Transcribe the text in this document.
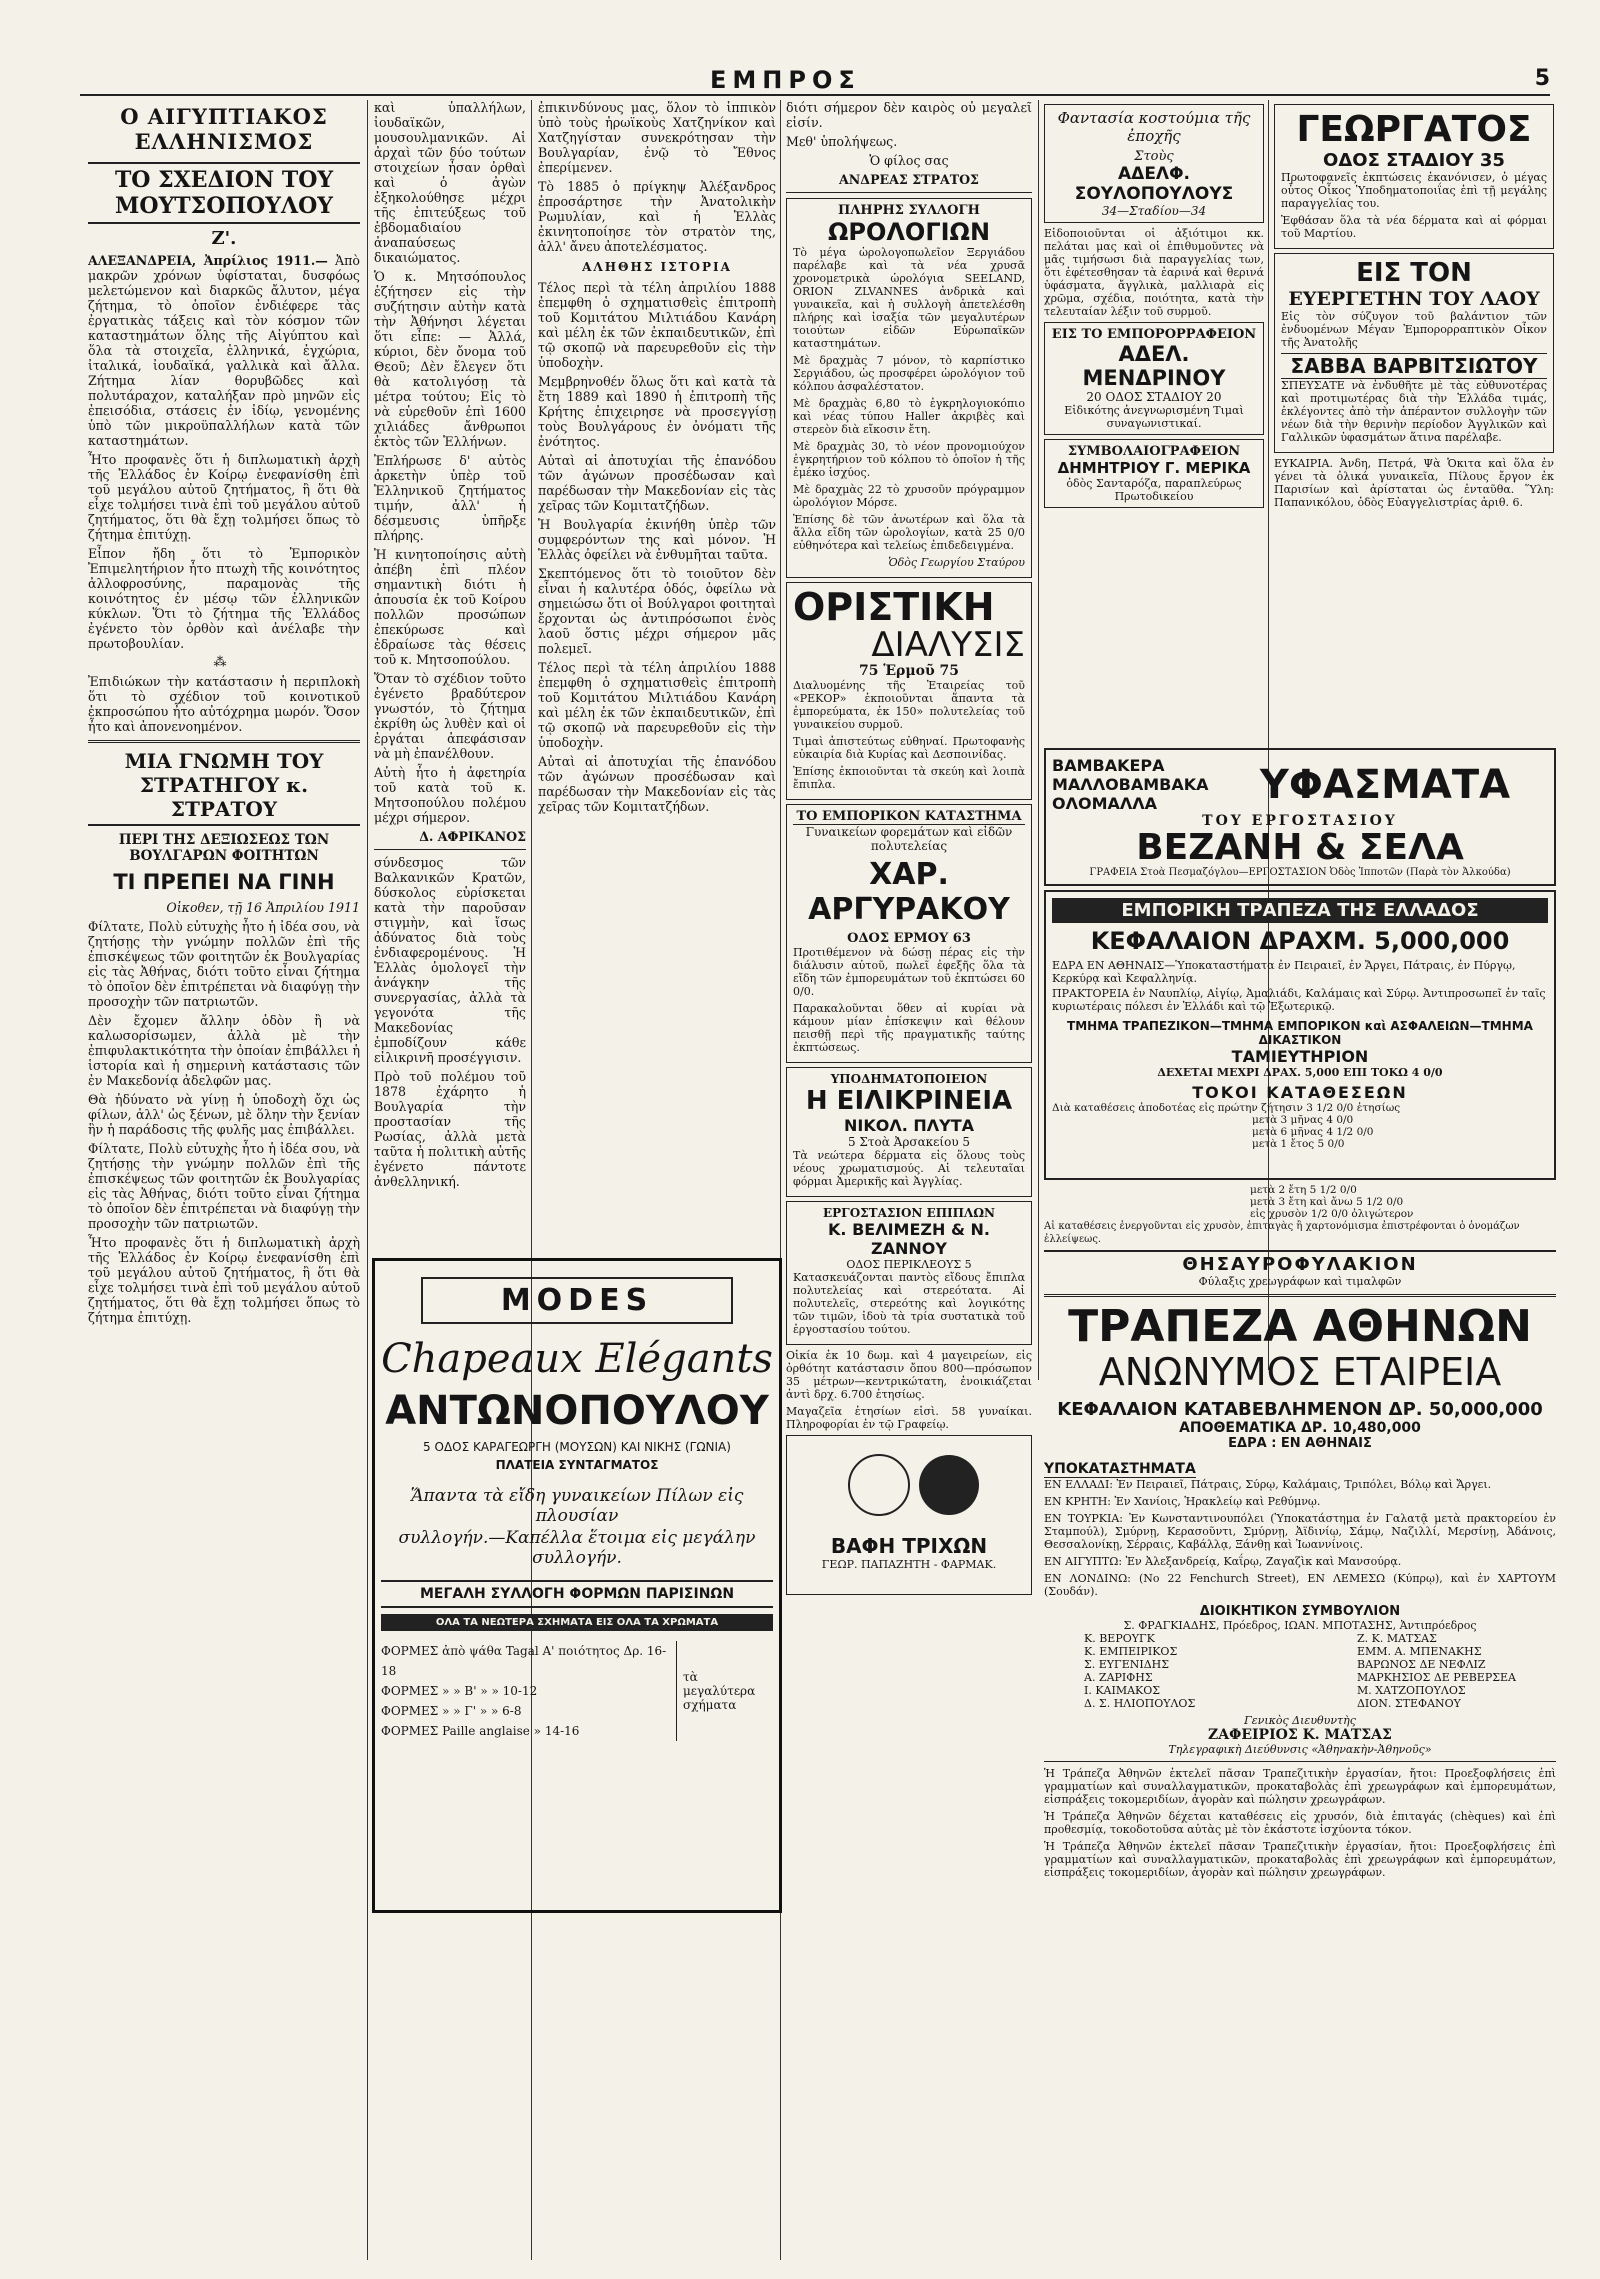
ΕΜΠΡΟΣ	5
Ο ΑΙΓΥΠΤΙΑΚΟΣ ΕΛΛΗΝΙΣΜΟΣ
ΤΟ ΣΧΕΔΙΟΝ ΤΟΥ ΜΟΥΤΣΟΠΟΥΛΟΥ
Ζ'.

ΑΛΕΞΑΝΔΡΕΙΑ, Ἀπρίλιος 1911.— Ἀπὸ μακρῶν χρόνων ὑφίσταται, δυσφόως μελετώμενον καὶ διαρκῶς ἄλυτον, μέγα ζήτημα, τὸ ὁποῖον ἐνδιέφερε τὰς ἐργατικὰς τάξεις καὶ τὸν κόσμον τῶν καταστημάτων ὅλης τῆς Αἰγύπτου καὶ ὅλα τὰ στοιχεῖα, ἑλληνικά, ἐγχώρια, ἰταλικά, ἰουδαϊκά, γαλλικὰ καὶ ἄλλα. Ζήτημα λίαν θορυβῶδες καὶ πολυτάραχον, καταλήξαν πρὸ μηνῶν εἰς ἐπεισόδια, στάσεις ἐν ἰδίῳ, γενομένης ὑπὸ τῶν μικροϋπαλλήλων κατὰ τῶν καταστημάτων.

Ἦτο προφανὲς ὅτι ἡ διπλωματικὴ ἀρχὴ τῆς Ἑλλάδος ἐν Κοίρῳ ἐνεφανίσθη ἐπὶ τοῦ μεγάλου αὐτοῦ ζητήματος, ἢ ὅτι θὰ εἶχε τολμήσει τινὰ ἐπὶ τοῦ μεγάλου αὐτοῦ ζητήματος, ὅτι θὰ ἔχῃ τολμήσει ὅπως τὸ ζήτημα ἐπιτύχῃ.

Εἶπον ἤδη ὅτι τὸ Ἐμπορικὸν Ἐπιμελητήριον ἦτο πτωχὴ τῆς κοινότητος ἀλλοφροσύνης, παραμονὰς τῆς κοινότητος ἐν μέσῳ τῶν ἑλληνικῶν κύκλων. Ὅτι τὸ ζήτημα τῆς Ἑλλάδος ἐγένετο τὸν ὀρθὸν καὶ ἀνέλαβε τὴν πρωτοβουλίαν.

⁂

Ἐπιδιώκων τὴν κατάστασιν ἡ περιπλοκὴ ὅτι τὸ σχέδιον τοῦ κοινοτικοῦ ἐκπροσώπου ἦτο αὐτόχρημα μωρόν. Ὅσον ἦτο καὶ ἀπονενοημένον.

ΜΙΑ ΓΝΩΜΗ ΤΟΥ ΣΤΡΑΤΗΓΟΥ κ. ΣΤΡΑΤΟΥ
ΠΕΡΙ ΤΗΣ ΔΕΞΙΩΣΕΩΣ ΤΩΝ ΒΟΥΛΓΑΡΩΝ ΦΟΙΤΗΤΩΝ
ΤΙ ΠΡΕΠΕΙ ΝΑ ΓΙΝΗ

Οἰκοθεν, τῇ 16 Ἀπριλίου 1911

Φίλτατε, Πολὺ εὐτυχὴς ἦτο ἡ ἰδέα σου, νὰ ζητήσῃς τὴν γνώμην πολλῶν ἐπὶ τῆς ἐπισκέψεως τῶν φοιτητῶν ἐκ Βουλγαρίας εἰς τὰς Ἀθήνας, διότι τοῦτο εἶναι ζήτημα τὸ ὁποῖον δὲν ἐπιτρέπεται νὰ διαφύγῃ τὴν προσοχὴν τῶν πατριωτῶν.

Δὲν ἔχομεν ἄλλην ὁδὸν ἢ νὰ καλωσορίσωμεν, ἀλλὰ μὲ τὴν ἐπιφυλακτικότητα τὴν ὁποίαν ἐπιβάλλει ἡ ἱστορία καὶ ἡ σημερινὴ κατάστασις τῶν ἐν Μακεδονίᾳ ἀδελφῶν μας.

Θὰ ἠδύνατο νὰ γίνῃ ἡ ὑποδοχὴ ὄχι ὡς φίλων, ἀλλ' ὡς ξένων, μὲ ὅλην τὴν ξενίαν ἣν ἡ παράδοσις τῆς φυλῆς μας ἐπιβάλλει.

Φίλτατε, Πολὺ εὐτυχὴς ἦτο ἡ ἰδέα σου, νὰ ζητήσῃς τὴν γνώμην πολλῶν ἐπὶ τῆς ἐπισκέψεως τῶν φοιτητῶν ἐκ Βουλγαρίας εἰς τὰς Ἀθήνας, διότι τοῦτο εἶναι ζήτημα τὸ ὁποῖον δὲν ἐπιτρέπεται νὰ διαφύγῃ τὴν προσοχὴν τῶν πατριωτῶν.

Ἦτο προφανὲς ὅτι ἡ διπλωματικὴ ἀρχὴ τῆς Ἑλλάδος ἐν Κοίρῳ ἐνεφανίσθη ἐπὶ τοῦ μεγάλου αὐτοῦ ζητήματος, ἢ ὅτι θὰ εἶχε τολμήσει τινὰ ἐπὶ τοῦ μεγάλου αὐτοῦ ζητήματος, ὅτι θὰ ἔχῃ τολμήσει ὅπως τὸ ζήτημα ἐπιτύχῃ.

καὶ ὑπαλλήλων, ἰουδαϊκῶν, μουσουλμανικῶν. Αἱ ἀρχαὶ τῶν δύο τούτων στοιχείων ἦσαν ὀρθαὶ καὶ ὁ ἀγὼν ἐξηκολούθησε μέχρι τῆς ἐπιτεύξεως τοῦ ἑβδομαδιαίου ἀναπαύσεως δικαιώματος.

Ὁ κ. Μητσόπουλος ἐζήτησεν εἰς τὴν συζήτησιν αὐτὴν κατὰ τὴν Ἀθήνησι λέγεται ὅτι εἶπε: — Ἀλλά, κύριοι, δὲν ὄνομα τοῦ Θεοῦ; Δὲν ἔλεγεν ὅτι θὰ κατολιγόσῃ τὰ μέτρα τούτου; Εἰς τὸ νὰ εὑρεθοῦν ἐπὶ 1600 χιλιάδες ἄνθρωποι ἐκτὸς τῶν Ἑλλήνων.

Ἐπλήρωσε δ' αὐτὸς ἀρκετὴν ὑπὲρ τοῦ Ἑλληνικοῦ ζητήματος τιμήν, ἀλλ' ἡ δέσμευσις ὑπῆρξε πλήρης.

Ἡ κινητοποίησις αὐτὴ ἀπέβη ἐπὶ πλέον σημαντικὴ διότι ἡ ἀπουσία ἐκ τοῦ Κοίρου πολλῶν προσώπων ἐπεκύρωσε καὶ ἐδραίωσε τὰς θέσεις τοῦ κ. Μητσοπούλου.

Ὅταν τὸ σχέδιον τοῦτο ἐγένετο βραδύτερον γνωστόν, τὸ ζήτημα ἐκρίθη ὡς λυθὲν καὶ οἱ ἐργάται ἀπεφάσισαν νὰ μὴ ἐπανέλθουν.

Αὐτὴ ἦτο ἡ ἀφετηρία τοῦ κατὰ τοῦ κ. Μητσοπούλου πολέμου μέχρι σήμερον.

Δ. ΑΦΡΙΚΑΝΟΣ

σύνδεσμος τῶν Βαλκανικῶν Κρατῶν, δύσκολος εὑρίσκεται κατὰ τὴν παροῦσαν στιγμὴν, καὶ ἴσως ἀδύνατος διὰ τοὺς ἐνδιαφερομένους. Ἡ Ἑλλὰς ὁμολογεῖ τὴν ἀνάγκην τῆς συνεργασίας, ἀλλὰ τὰ γεγονότα τῆς Μακεδονίας ἐμποδίζουν κάθε εἰλικρινῆ προσέγγισιν.

Πρὸ τοῦ πολέμου τοῦ 1878 ἐχάρητο ἡ Βουλγαρία τὴν προστασίαν τῆς Ρωσίας, ἀλλὰ μετὰ ταῦτα ἡ πολιτικὴ αὐτῆς ἐγένετο πάντοτε ἀνθελληνική.

ἐπικινδύνους μας, ὅλον τὸ ἰππικὸν ὑπὸ τοὺς ἡρωϊκοὺς Χατζηνίκον καὶ Χατζηγίσταν συνεκρότησαν τὴν Βουλγαρίαν, ἐνῷ τὸ Ἔθνος ἐπερίμενεν.

Τὸ 1885 ὁ πρίγκηψ Ἀλέξανδρος ἐπροσάρτησε τὴν Ἀνατολικὴν Ρωμυλίαν, καὶ ἡ Ἑλλὰς ἐκινητοποίησε τὸν στρατὸν της, ἀλλ' ἄνευ ἀποτελέσματος.

ΑΛΗΘΗΣ ΙΣΤΟΡΙΑ

Τέλος περὶ τὰ τέλη ἀπριλίου 1888 ἐπεμφθη ὁ σχηματισθεὶς ἐπιτροπὴ τοῦ Κομιτάτου Μιλτιάδου Κανάρη καὶ μέλη ἐκ τῶν ἐκπαιδευτικῶν, ἐπὶ τῷ σκοπῷ νὰ παρευρεθοῦν εἰς τὴν ὑποδοχὴν.

Μεμβρηνοθέν ὅλως ὅτι καὶ κατὰ τὰ ἔτη 1889 καὶ 1890 ἡ ἐπιτροπὴ τῆς Κρήτης ἐπιχειρησε νὰ προσεγγίσῃ τοὺς Βουλγάρους ἐν ὀνόματι τῆς ἑνότητος.

Αὐταὶ αἱ ἀποτυχίαι τῆς ἐπανόδου τῶν ἀγώνων προσέδωσαν καὶ παρέδωσαν τὴν Μακεδονίαν εἰς τὰς χεῖρας τῶν Κομιτατζήδων.

Ἡ Βουλγαρία ἐκινήθη ὑπὲρ τῶν συμφερόντων της καὶ μόνον. Ἡ Ἑλλὰς ὀφείλει νὰ ἐνθυμῆται ταῦτα.

Σκεπτόμενος ὅτι τὸ τοιοῦτον δὲν εἶναι ἡ καλυτέρα ὁδός, ὀφείλω νὰ σημειώσω ὅτι οἱ Βούλγαροι φοιτηταὶ ἔρχονται ὡς ἀντιπρόσωποι ἑνὸς λαοῦ ὅστις μέχρι σήμερον μᾶς πολεμεῖ.

Τέλος περὶ τὰ τέλη ἀπριλίου 1888 ἐπεμφθη ὁ σχηματισθεὶς ἐπιτροπὴ τοῦ Κομιτάτου Μιλτιάδου Κανάρη καὶ μέλη ἐκ τῶν ἐκπαιδευτικῶν, ἐπὶ τῷ σκοπῷ νὰ παρευρεθοῦν εἰς τὴν ὑποδοχὴν.

Αὐταὶ αἱ ἀποτυχίαι τῆς ἐπανόδου τῶν ἀγώνων προσέδωσαν καὶ παρέδωσαν τὴν Μακεδονίαν εἰς τὰς χεῖρας τῶν Κομιτατζήδων.

MODES
Chapeaux Elégants
ΑΝΤΩΝΟΠΟΥΛΟΥ
5 ΟΔΟΣ ΚΑΡΑΓΕΩΡΓΗ (ΜΟΥΣΩΝ) ΚΑΙ ΝΙΚΗΣ (ΓΩΝΙΑ)
ΠΛΑΤΕΙΑ ΣΥΝΤΑΓΜΑΤΟΣ
Ἅπαντα τὰ εἴδη γυναικείων Πίλων εἰς πλουσίαν
συλλογήν.—Καπέλλα ἕτοιμα εἰς μεγάλην συλλογήν.
ΜΕΓΑΛΗ ΣΥΛΛΟΓΗ ΦΟΡΜΩΝ ΠΑΡΙΣΙΝΩΝ
ΟΛΑ ΤΑ ΝΕΩΤΕΡΑ ΣΧΗΜΑΤΑ ΕΙΣ ΟΛΑ ΤΑ ΧΡΩΜΑΤΑ
ΦΟΡΜΕΣ ἀπὸ ψάθα Tagal A' ποιότητος Δρ. 16-18
ΦΟΡΜΕΣ » » B' » » 10-12
ΦΟΡΜΕΣ » » Γ' » » 6-8
ΦΟΡΜΕΣ Paille anglaise » 14-16
τὰ μεγαλύτερα σχήματα

διότι σήμερον δὲν καιρὸς οὐ μεγαλεῖ εἰσίν.

Μεθ' ὑπολήψεως.

Ὁ φίλος σας

ΑΝΔΡΕΑΣ ΣΤΡΑΤΟΣ

ΠΛΗΡΗΣ ΣΥΛΛΟΓΗ
ΩΡΟΛΟΓΙΩΝ

Τὸ μέγα ὡρολογοπωλεῖον Ξεργιάδου παρέλαβε καὶ τὰ νέα χρυσᾶ χρονομετρικὰ ὡρολόγια SEELAND, ORION ZLVANNES ἀνδρικὰ καὶ γυναικεῖα, καὶ ἡ συλλογὴ ἀπετελέσθη πλήρης καὶ ἰσαξία τῶν μεγαλυτέρων τοιούτων εἰδῶν Εὐρωπαϊκῶν καταστημάτων.

Μὲ δραχμὰς 7 μόνον, τὸ καρπίστικο Σεργιάδου, ὡς προσφέρει ὡρολόγιον τοῦ κόλπου ἀσφαλέστατον.

Μὲ δραχμὰς 6,80 τὸ ἐγκρηλογιοκόπιο καὶ νέας τύπου Haller ἀκριβὲς καὶ στερεὸν διὰ εἴκοσιν ἔτη.

Μὲ δραχμὰς 30, τὸ νέον προνομιούχον ἐγκρητήριον τοῦ κόλπου τὸ ὁποῖον ἠ τῆς ἐμέκο ἰσχύος.

Μὲ δραχμὰς 22 τὸ χρυσοῦν πρόγραμμον ὡρολόγιον Μόρσε.

Ἐπίσης δὲ τῶν ἀνωτέρων καὶ ὅλα τὰ ἄλλα εἴδη τῶν ὡρολογίων, κατὰ 25 0/0 εὐθηνότερα καὶ τελείως ἐπιδεδειγμένα.

Ὁδὸς Γεωργίου Σταύρου

ΟΡΙΣΤΙΚΗ
ΔΙΑΛΥΣΙΣ
75 Ἑρμοῦ 75

Διαλυομένης τῆς Ἑταιρείας τοῦ «ΡΕΚΟΡ» ἐκποιοῦνται ἅπαντα τὰ ἐμπορεύματα, ἐκ 150» πολυτελείας τοῦ γυναικείου συρμοῦ.

Τιμαὶ ἀπιστεύτως εὐθηναί. Πρωτοφανὴς εὐκαιρία διὰ Κυρίας καὶ Δεσποινίδας.

Ἐπίσης ἐκποιοῦνται τὰ σκεύη καὶ λοιπὰ ἔπιπλα.

ΤΟ ΕΜΠΟΡΙΚΟΝ ΚΑΤΑΣΤΗΜΑ
Γυναικείων φορεμάτων καὶ εἰδῶν πολυτελείας
ΧΑΡ. ΑΡΓΥΡΑΚΟΥ
ΟΔΟΣ ΕΡΜΟΥ 63

Προτιθέμενον νὰ δώσῃ πέρας εἰς τὴν διάλυσιν αὐτοῦ, πωλεῖ ἐφεξῆς ὅλα τὰ εἴδη τῶν ἐμπορευμάτων τοῦ ἐκπτώσει 60 0/0.

Παρακαλοῦνται ὅθεν αἱ κυρίαι νὰ κάμουν μίαν ἐπίσκεψιν καὶ θέλουν πεισθῇ περὶ τῆς πραγματικῆς ταύτης ἐκπτώσεως.

ΥΠΟΔΗΜΑΤΟΠΟΙΕΙΟΝ
Η ΕΙΛΙΚΡΙΝΕΙΑ
ΝΙΚΟΛ. ΠΛΥΤΑ
5 Στοὰ Ἀρσακείου 5

Τὰ νεώτερα δέρματα εἰς ὅλους τοὺς νέους χρωματισμούς. Αἱ τελευταῖαι φόρμαι Ἀμερικῆς καὶ Ἀγγλίας.

ΕΡΓΟΣΤΑΣΙΟΝ ΕΠΙΠΛΩΝ
Κ. ΒΕΛΙΜΕΖΗ & Ν. ΖΑΝΝΟΥ
ΟΔΟΣ ΠΕΡΙΚΛΕΟΥΣ 5

Κατασκευάζονται παντὸς εἴδους ἔπιπλα πολυτελείας καὶ στερεότατα. Αἱ πολυτελεῖς, στερεότης καὶ λογικότης τῶν τιμῶν, ἰδοὺ τὰ τρία συστατικὰ τοῦ ἐργοστασίου τούτου.

Οἰκία ἐκ 10 δωμ. καὶ 4 μαγειρείων, εἰς ὀρθότητ κατάστασιν ὄπου 800—πρόσωπον 35 μέτρων—κεντρικώτατη, ἐνοικιάζεται ἀντὶ δρχ. 6.700 ἐτησίως.

Μαγαζεῖα ἐτησίων εἰσὶ. 58 γυναίκαι. Πληροφορίαι ἐν τῷ Γραφείῳ.

ΒΑΦΗ ΤΡΙΧΩΝ
ΓΕΩΡ. ΠΑΠΑΖΗΤΗ - ΦΑΡΜΑΚ.
Φαντασία κοστούμια τῆς ἐποχῆς
Στοὺς
ΑΔΕΛΦ. ΣΟΥΛΟΠΟΥΛΟΥΣ
34—Σταδίου—34

Εἰδοποιοῦνται οἱ ἀξιότιμοι κκ. πελάται μας καὶ οἱ ἐπιθυμοῦντες νὰ μᾶς τιμήσωσι διὰ παραγγελίας των, ὅτι ἐφέτεσθησαν τὰ ἐαρινά καὶ θερινά ὑφάσματα, ἄγγλικὰ, μαλλιαρὰ εἰς χρῶμα, σχέδια, ποιότητα, κατὰ τὴν τελευταίαν λέξιν τοῦ συρμοῦ.

ΕΙΣ ΤΟ ΕΜΠΟΡΟΡΡΑΦΕΙΟΝ
ΑΔΕΛ. ΜΕΝΔΡΙΝΟΥ
20 ΟΔΟΣ ΣΤΑΔΙΟΥ 20
Εἰδικότης ἀνεγνωρισμένη Τιμαὶ συναγωνιστικαί.
ΣΥΜΒΟΛΑΙΟΓΡΑΦΕΙΟΝ
ΔΗΜΗΤΡΙΟΥ Γ. ΜΕΡΙΚΑ
ὁδὸς Σανταρόζα, παραπλεύρως Πρωτοδικείου
ΓΕΩΡΓΑΤΟΣ
ΟΔΟΣ ΣΤΑΔΙΟΥ 35

Πρωτοφανεῖς ἐκπτώσεις ἐκανόνισεν, ὁ μέγας οὗτος Οἶκος Ὑποδηματοποιΐας ἐπὶ τῇ μεγάλης παραγγελίας του.

Ἐφθάσαν ὅλα τὰ νέα δέρματα καὶ αἱ φόρμαι τοῦ Μαρτίου.

ΕΙΣ ΤΟΝ
ΕΥΕΡΓΕΤΗΝ ΤΟΥ ΛΑΟΥ

Εἰς τὸν σύζυγον τοῦ βαλάντιον τῶν ἐνδυομένων Μέγαν Ἐμπορορραπτικὸν Οἶκον τῆς Ἀνατολῆς

ΣΑΒΒΑ ΒΑΡΒΙΤΣΙΩΤΟΥ

ΣΠΕΥΣΑΤΕ νὰ ἐνδυθῆτε μὲ τὰς εὐθυνοτέρας καὶ προτιμωτέρας διὰ τὴν Ἑλλάδα τιμάς, ἐκλέγοντες ἀπὸ τὴν ἀπέραντον συλλογὴν τῶν νέων διὰ τὴν θερινὴν περίοδον Ἀγγλικῶν καὶ Γαλλικῶν ὑφασμάτων ἅτινα παρέλαβε.

ΕΥΚΑΙΡΙΑ. Ἀνδη, Πετρά, Ψὰ Ὁκιτα καὶ ὅλα ἐν γένει τὰ ὀλικά γυναικεῖα, Πίλους ἔργον ἐκ Παρισίων καὶ ἀρίσταται ὡς ἐνταῦθα. Ὕλη: Παπανικόλου, ὁδὸς Εὐαγγελιστρίας ἀριθ. 6.

ΒΑΜΒΑΚΕΡΑ
ΜΑΛΛΟΒΑΜΒΑΚΑ
ΟΛΟΜΑΛΛΑ	ΥΦΑΣΜΑΤΑ
ΤΟΥ ΕΡΓΟΣΤΑΣΙΟΥ
ΒΕΖΑΝΗ & ΣΕΛΑ
ΓΡΑΦΕΙΑ Στοὰ Πεσμαζόγλου—ΕΡΓΟΣΤΑΣΙΟΝ Ὀδὸς Ἱπποτῶν (Παρὰ τὸν Ἀλκούδα)
ΕΜΠΟΡΙΚΗ ΤΡΑΠΕΖΑ ΤΗΣ ΕΛΛΑΔΟΣ
ΚΕΦΑΛΑΙΟΝ ΔΡΑΧΜ. 5,000,000
ΕΔΡΑ ΕΝ ΑΘΗΝΑΙΣ—Ὑποκαταστήματα ἐν Πειραιεῖ, ἐν Ἄργει, Πάτραις, ἐν Πύργῳ, Κερκύρᾳ καὶ Κεφαλληνίᾳ.
ΠΡΑΚΤΟΡΕΙΑ ἐν Ναυπλίῳ, Αἰγίῳ, Ἀμαλιάδι, Καλάμαις καὶ Σύρῳ. Ἀντιπροσωπεῖ ἐν ταῖς κυριωτέραις πόλεσι ἐν Ἑλλάδι καὶ τῷ Ἐξωτερικῷ.
ΤΜΗΜΑ ΤΡΑΠΕΖΙΚΟΝ—ΤΜΗΜΑ ΕΜΠΟΡΙΚΟΝ καὶ ΑΣΦΑΛΕΙΩΝ—ΤΜΗΜΑ ΔΙΚΑΣΤΙΚΟΝ
ΤΑΜΙΕΥΤΗΡΙΟΝ
ΔΕΧΕΤΑΙ ΜΕΧΡΙ ΔΡΑΧ. 5,000 ΕΠΙ ΤΟΚΩ 4 0/0
ΤΟΚΟΙ ΚΑΤΑΘΕΣΕΩΝ
Διὰ καταθέσεις ἀποδοτέας εἰς πρώτην ζήτησιν 3 1/2 0/0 ἐτησίως
μετὰ 3 μῆνας 4 0/0
μετὰ 6 μῆνας 4 1/2 0/0
μετὰ 1 ἔτος 5 0/0
μετὰ 2 ἔτη 5 1/2 0/0
μετὰ 3 ἔτη καὶ ἄνω 5 1/2 0/0
εἰς χρυσὸν 1/2 0/0 ὀλιγώτερον
Αἱ καταθέσεις ἐνεργοῦνται εἰς χρυσὸν, ἐπιταγὰς ἢ χαρτονόμισμα ἐπιστρέφονται ὁ ὀνομάζων ἐλλείψεως.
ΘΗΣΑΥΡΟΦΥΛΑΚΙΟΝ
Φύλαξις χρεωγράφων καὶ τιμαλφῶν
ΤΡΑΠΕΖΑ ΑΘΗΝΩΝ
ΑΝΩΝΥΜΟΣ ΕΤΑΙΡΕΙΑ
ΚΕΦΑΛΑΙΟΝ ΚΑΤΑΒΕΒΛΗΜΕΝΟΝ ΔΡ. 50,000,000
ΑΠΟΘΕΜΑΤΙΚΑ ΔΡ. 10,480,000
ΕΔΡΑ : ΕΝ ΑΘΗΝΑΙΣ
ΥΠΟΚΑΤΑΣΤΗΜΑΤΑ

ΕΝ ΕΛΛΑΔΙ: Ἐν Πειραιεῖ, Πάτραις, Σύρῳ, Καλάμαις, Τριπόλει, Βόλῳ καὶ Ἄργει.

ΕΝ ΚΡΗΤΗ: Ἐν Χανίοις, Ἡρακλείῳ καὶ Ρεθύμνῳ.

ΕΝ ΤΟΥΡΚΙΑ: Ἐν Κωνσταντινουπόλει (Ὑποκατάστημα ἐν Γαλατᾷ μετὰ πρακτορείου ἐν Σταμπούλ), Σμύρνῃ, Κερασοῦντι, Σμύρνῃ, Ἀϊδινίῳ, Σάμῳ, Ναζιλλί, Μερσίνῃ, Ἀδάνοις, Θεσσαλονίκῃ, Σέρραις, Καβάλλᾳ, Ξάνθῃ καὶ Ἰωαννίνοις.

ΕΝ ΑΙΓΥΠΤΩ: Ἐν Ἀλεξανδρείᾳ, Καΐρῳ, Ζαγαζὶκ καὶ Μανσούρᾳ.

ΕΝ ΛΟΝΔΙΝΩ: (No 22 Fenchurch Street), ΕΝ ΛΕΜΕΣΩ (Κύπρῳ), καὶ ἐν ΧΑΡΤΟΥΜ (Σουδάν).

ΔΙΟΙΚΗΤΙΚΟΝ ΣΥΜΒΟΥΛΙΟΝ
Σ. ΦΡΑΓΚΙΑΔΗΣ, Πρόεδρος, ΙΩΑΝ. ΜΠΟΤΑΣΗΣ, Ἀντιπρόεδρος
Κ. ΒΕΡΟΥΓΚ
Κ. ΕΜΠΕΙΡΙΚΟΣ
Σ. ΕΥΓΕΝΙΔΗΣ
Α. ΖΑΡΙΦΗΣ
Ι. ΚΑΙΜΑΚΟΣ
Δ. Σ. ΗΛΙΟΠΟΥΛΟΣ
Ζ. Κ. ΜΑΤΣΑΣ
ΕΜΜ. Α. ΜΠΕΝΑΚΗΣ
ΒΑΡΩΝΟΣ ΔΕ ΝΕΦΛΙΖ
ΜΑΡΚΗΣΙΟΣ ΔΕ ΡΕΒΕΡΣΕΑ
Μ. ΧΑΤΖΟΠΟΥΛΟΣ
ΔΙΟΝ. ΣΤΕΦΑΝΟΥ
Γενικὸς Διευθυντὴς
ΖΑΦΕΙΡΙΟΣ Κ. ΜΑΤΣΑΣ
Τηλεγραφικὴ Διεύθυνσις «Ἀθηνακὴν-Ἀθηνοῦς»

Ἡ Τράπεζα Ἀθηνῶν ἐκτελεῖ πᾶσαν Τραπεζιτικὴν ἐργασίαν, ἤτοι: Προεξοφλήσεις ἐπὶ γραμματίων καὶ συναλλαγματικῶν, προκαταβολὰς ἐπὶ χρεωγράφων καὶ ἐμπορευμάτων, εἰσπράξεις τοκομεριδίων, ἀγορὰν καὶ πώλησιν χρεωγράφων.

Ἡ Τράπεζα Ἀθηνῶν δέχεται καταθέσεις εἰς χρυσόν, διὰ ἐπιταγάς (chèques) καὶ ἐπὶ προθεσμίᾳ, τοκοδοτοῦσα αὐτὰς μὲ τὸν ἐκάστοτε ἰσχύοντα τόκον.

Ἡ Τράπεζα Ἀθηνῶν ἐκτελεῖ πᾶσαν Τραπεζιτικὴν ἐργασίαν, ἤτοι: Προεξοφλήσεις ἐπὶ γραμματίων καὶ συναλλαγματικῶν, προκαταβολὰς ἐπὶ χρεωγράφων καὶ ἐμπορευμάτων, εἰσπράξεις τοκομεριδίων, ἀγορὰν καὶ πώλησιν χρεωγράφων.
